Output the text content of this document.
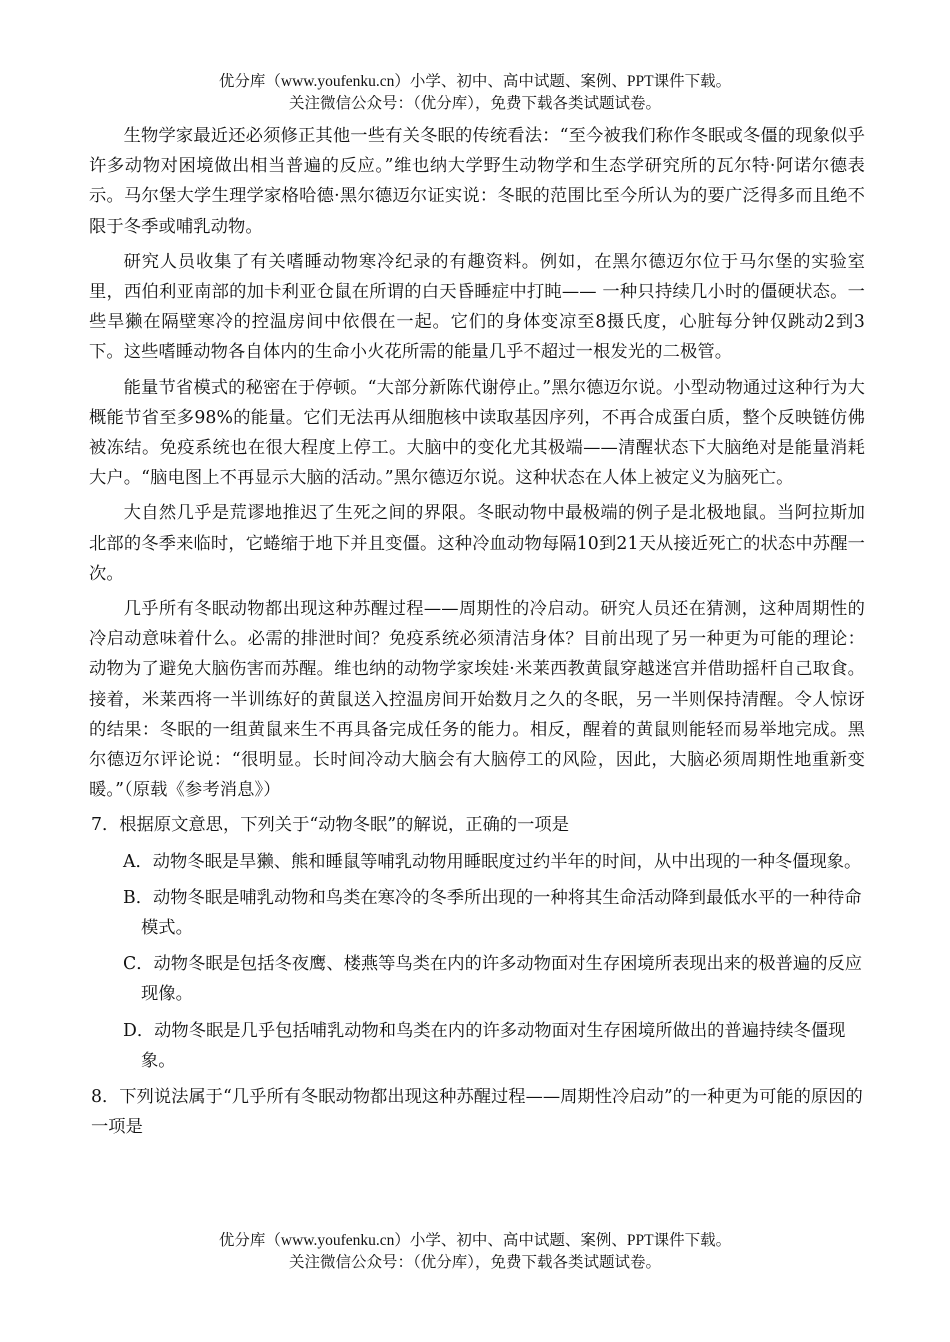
优分库（www.youfenku.cn）小学、初中、高中试题、案例、PPT课件下载。
关注微信公众号：（优分库），免费下载各类试题试卷。

生物学家最近还必须修正其他一些有关冬眠的传统看法：“至今被我们称作冬眠或冬僵的现象似乎许多动物对困境做出相当普遍的反应。”维也纳大学野生动物学和生态学研究所的瓦尔特·阿诺尔德表示。马尔堡大学生理学家格哈德·黑尔德迈尔证实说：冬眠的范围比至今所认为的要广泛得多而且绝不限于冬季或哺乳动物。

研究人员收集了有关嗜睡动物寒冷纪录的有趣资料。例如，在黑尔德迈尔位于马尔堡的实验室里，西伯利亚南部的加卡利亚仓鼠在所谓的白天昏睡症中打盹—— 一种只持续几小时的僵硬状态。一些旱獭在隔壁寒冷的控温房间中依偎在一起。它们的身体变凉至8摄氏度，心脏每分钟仅跳动2到3下。这些嗜睡动物各自体内的生命小火花所需的能量几乎不超过一根发光的二极管。

能量节省模式的秘密在于停顿。“大部分新陈代谢停止。”黑尔德迈尔说。小型动物通过这种行为大概能节省至多98%的能量。它们无法再从细胞核中读取基因序列，不再合成蛋白质，整个反映链仿佛被冻结。免疫系统也在很大程度上停工。大脑中的变化尤其极端——清醒状态下大脑绝对是能量消耗大户。“脑电图上不再显示大脑的活动。”黑尔德迈尔说。这种状态在人体上被定义为脑死亡。

大自然几乎是荒谬地推迟了生死之间的界限。冬眠动物中最极端的例子是北极地鼠。当阿拉斯加北部的冬季来临时，它蜷缩于地下并且变僵。这种冷血动物每隔10到21天从接近死亡的状态中苏醒一次。

几乎所有冬眠动物都出现这种苏醒过程——周期性的冷启动。研究人员还在猜测，这种周期性的冷启动意味着什么。必需的排泄时间？免疫系统必须清洁身体？目前出现了另一种更为可能的理论：动物为了避免大脑伤害而苏醒。维也纳的动物学家埃娃·米莱西教黄鼠穿越迷宫并借助摇杆自己取食。接着，米莱西将一半训练好的黄鼠送入控温房间开始数月之久的冬眠，另一半则保持清醒。令人惊讶的结果：冬眠的一组黄鼠来生不再具备完成任务的能力。相反，醒着的黄鼠则能轻而易举地完成。黑尔德迈尔评论说：“很明显。长时间冷动大脑会有大脑停工的风险，因此，大脑必须周期性地重新变暖。”（原载《参考消息》）

7．根据原文意思，下列关于“动物冬眠”的解说，正确的一项是

A．动物冬眠是旱獭、熊和睡鼠等哺乳动物用睡眠度过约半年的时间，从中出现的一种冬僵现象。

B．动物冬眠是哺乳动物和鸟类在寒冷的冬季所出现的一种将其生命活动降到最低水平的一种待命模式。

C．动物冬眠是包括冬夜鹰、楼燕等鸟类在内的许多动物面对生存困境所表现出来的极普遍的反应现像。

D．动物冬眠是几乎包括哺乳动物和鸟类在内的许多动物面对生存困境所做出的普遍持续冬僵现象。

8．下列说法属于“几乎所有冬眠动物都出现这种苏醒过程——周期性冷启动”的一种更为可能的原因的一项是

优分库（www.youfenku.cn）小学、初中、高中试题、案例、PPT课件下载。
关注微信公众号：（优分库），免费下载各类试题试卷。
